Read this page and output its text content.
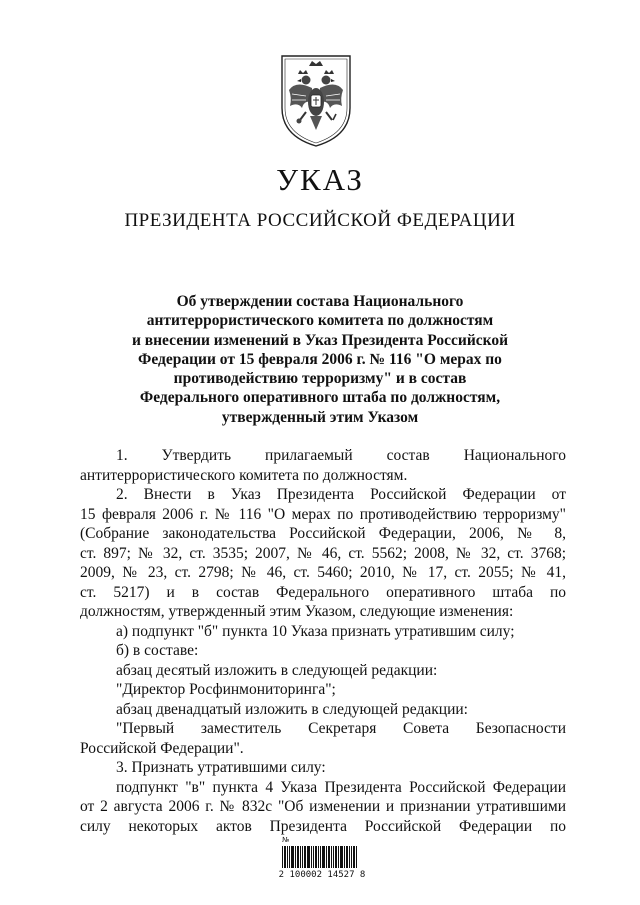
УКАЗ
ПРЕЗИДЕНТА РОССИЙСКОЙ ФЕДЕРАЦИИ
Об утверждении состава Национального
антитеррористического комитета по должностям
и внесении изменений в Указ Президента Российской
Федерации от 15 февраля 2006 г. № 116 "О мерах по
противодействию терроризму" и в состав
Федерального оперативного штаба по должностям,
утвержденный этим Указом
1. Утвердить прилагаемый состав Национального
антитеррористического комитета по должностям.
2. Внести в Указ Президента Российской Федерации от
15 февраля 2006 г. № 116 "О мерах по противодействию терроризму"
(Собрание законодательства Российской Федерации, 2006, № 8,
ст. 897; № 32, ст. 3535; 2007, № 46, ст. 5562; 2008, № 32, ст. 3768;
2009, № 23, ст. 2798; № 46, ст. 5460; 2010, № 17, ст. 2055; № 41,
ст. 5217) и в состав Федерального оперативного штаба по
должностям, утвержденный этим Указом, следующие изменения:
а) подпункт "б" пункта 10 Указа признать утратившим силу;
б) в составе:
абзац десятый изложить в следующей редакции:
"Директор Росфинмониторинга";
абзац двенадцатый изложить в следующей редакции:
"Первый заместитель Секретаря Совета Безопасности
Российской Федерации".
3. Признать утратившими силу:
подпункт "в" пункта 4 Указа Президента Российской Федерации
от 2 августа 2006 г. № 832с "Об изменении и признании утратившими
силу некоторых актов Президента Российской Федерации по
№
2 100002 14527 8
